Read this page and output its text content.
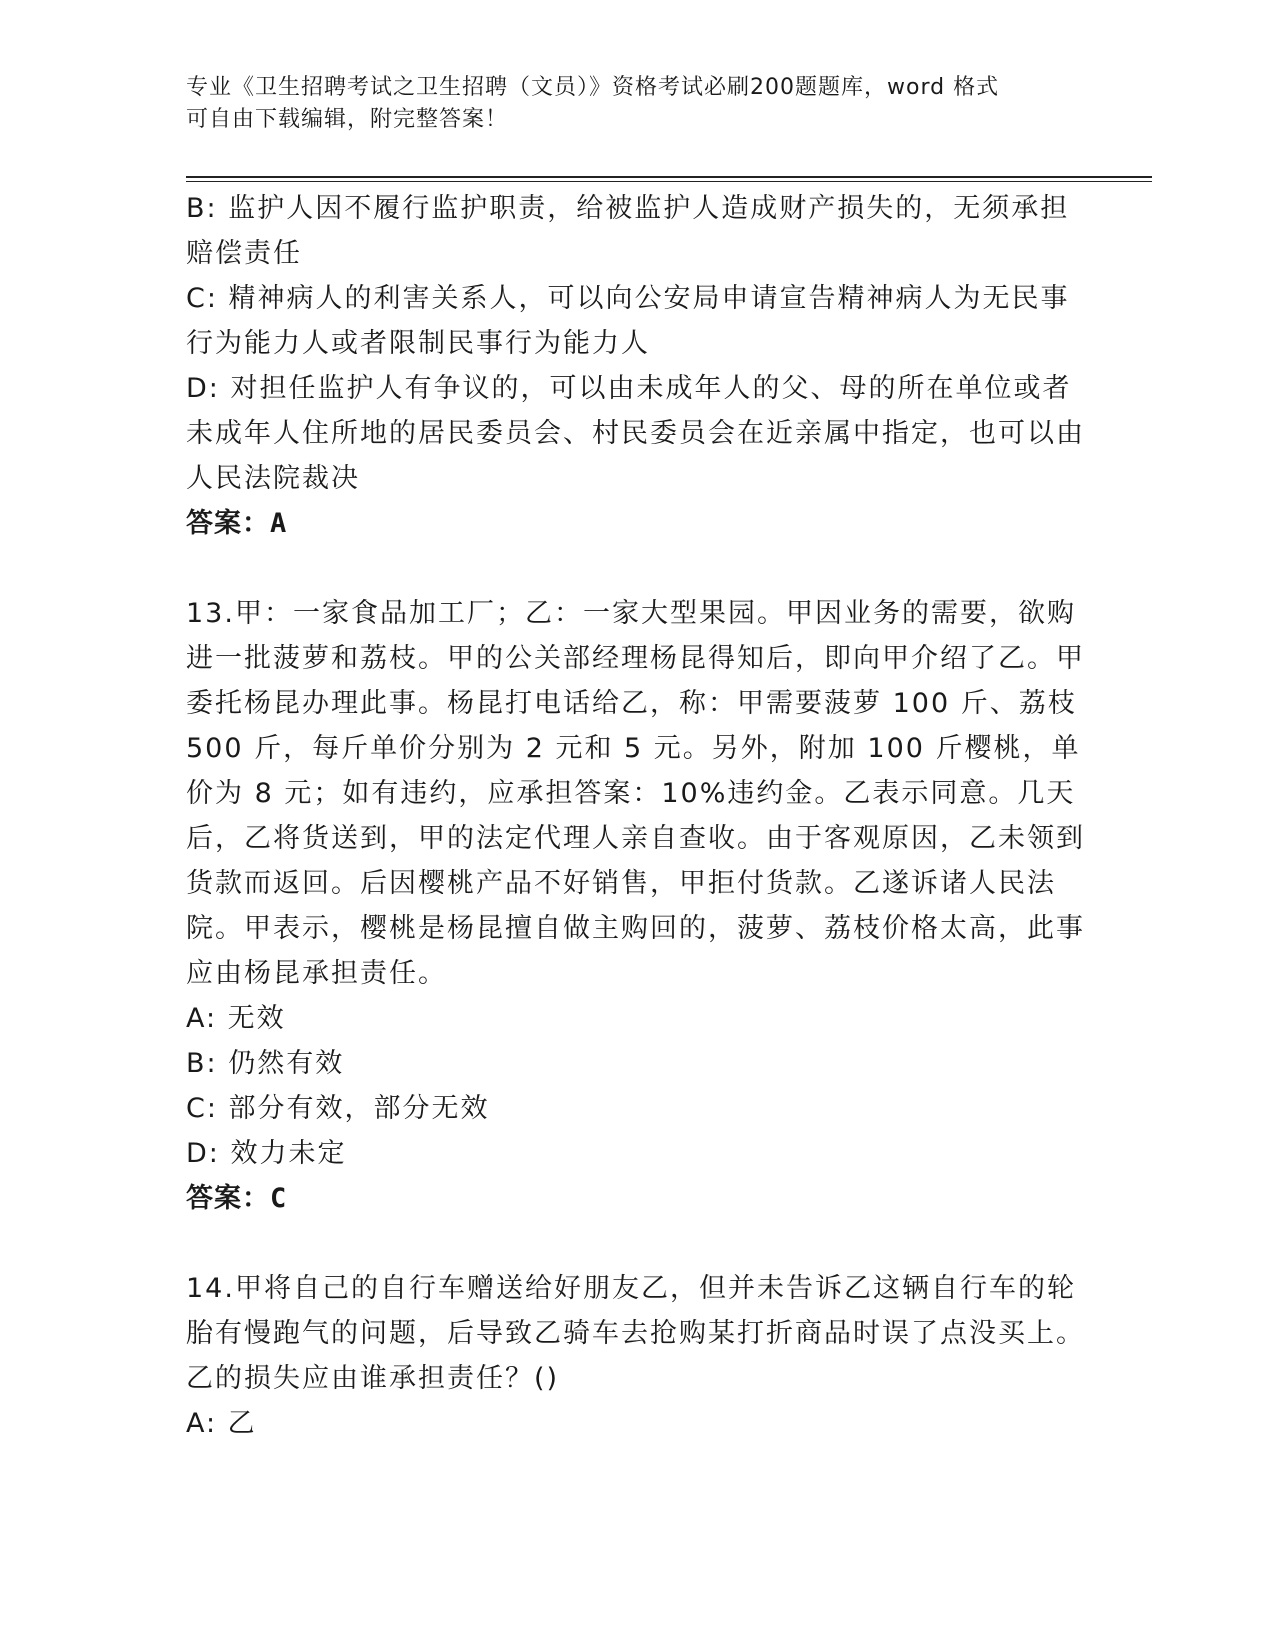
专业《卫生招聘考试之卫生招聘（文员）》资格考试必刷200题题库，word 格式
可自由下载编辑，附完整答案！

B: 监护人因不履行监护职责，给被监护人造成财产损失的，无须承担赔偿责任

C: 精神病人的利害关系人，可以向公安局申请宣告精神病人为无民事行为能力人或者限制民事行为能力人

D: 对担任监护人有争议的，可以由未成年人的父、母的所在单位或者未成年人住所地的居民委员会、村民委员会在近亲属中指定，也可以由人民法院裁决

答案：A

13.甲：一家食品加工厂；乙：一家大型果园。甲因业务的需要，欲购进一批菠萝和荔枝。甲的公关部经理杨昆得知后，即向甲介绍了乙。甲委托杨昆办理此事。杨昆打电话给乙，称：甲需要菠萝 100 斤、荔枝 500 斤，每斤单价分别为 2 元和 5 元。另外，附加 100 斤樱桃，单价为 8 元；如有违约，应承担答案：10%违约金。乙表示同意。几天后，乙将货送到，甲的法定代理人亲自查收。由于客观原因，乙未领到货款而返回。后因樱桃产品不好销售，甲拒付货款。乙遂诉诸人民法院。甲表示，樱桃是杨昆擅自做主购回的，菠萝、荔枝价格太高，此事应由杨昆承担责任。

A: 无效

B: 仍然有效

C: 部分有效，部分无效

D: 效力未定

答案：C

14.甲将自己的自行车赠送给好朋友乙，但并未告诉乙这辆自行车的轮胎有慢跑气的问题，后导致乙骑车去抢购某打折商品时误了点没买上。乙的损失应由谁承担责任？()

A: 乙
